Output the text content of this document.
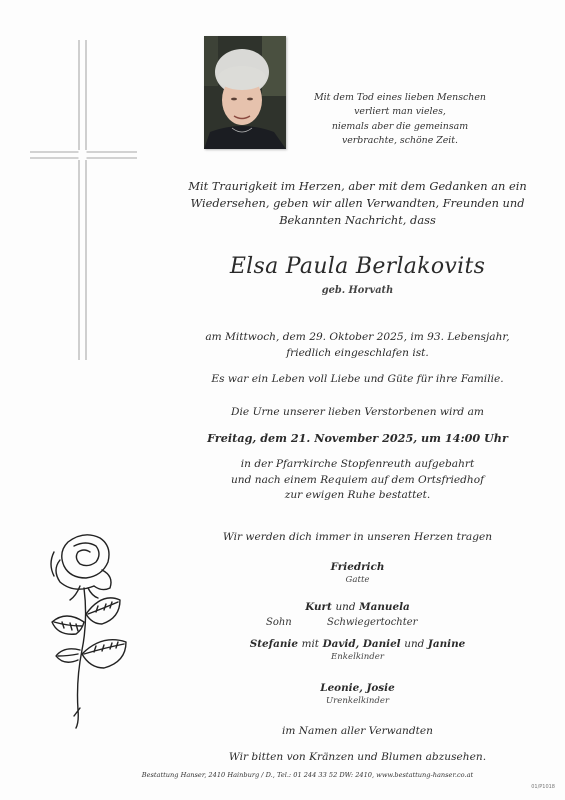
Mit dem Tod eines lieben Menschen
verliert man vieles,
niemals aber die gemeinsam
verbrachte, schöne Zeit.
Mit Traurigkeit im Herzen, aber mit dem Gedanken an ein
Wiedersehen, geben wir allen Verwandten, Freunden und
Bekannten Nachricht, dass
Elsa Paula Berlakovits
geb. Horvath
am Mittwoch, dem 29. Oktober 2025, im 93. Lebensjahr,
friedlich eingeschlafen ist.
Es war ein Leben voll Liebe und Güte für ihre Familie.
Die Urne unserer lieben Verstorbenen wird am
Freitag, dem 21. November 2025, um 14:00 Uhr
in der Pfarrkirche Stopfenreuth aufgebahrt
und nach einem Requiem auf dem Ortsfriedhof
zur ewigen Ruhe bestattet.
Wir werden dich immer in unseren Herzen tragen
Friedrich
Gatte
Kurt und Manuela
Sohn	Schwiegertochter
Stefanie mit David, Daniel und Janine
Enkelkinder
Leonie, Josie
Urenkelkinder
im Namen aller Verwandten
Wir bitten von Kränzen und Blumen abzusehen.
Bestattung Hanser, 2410 Hainburg / D., Tel.: 01 244 33 52 DW: 2410, www.bestattung-hanser.co.at
01/P1018
